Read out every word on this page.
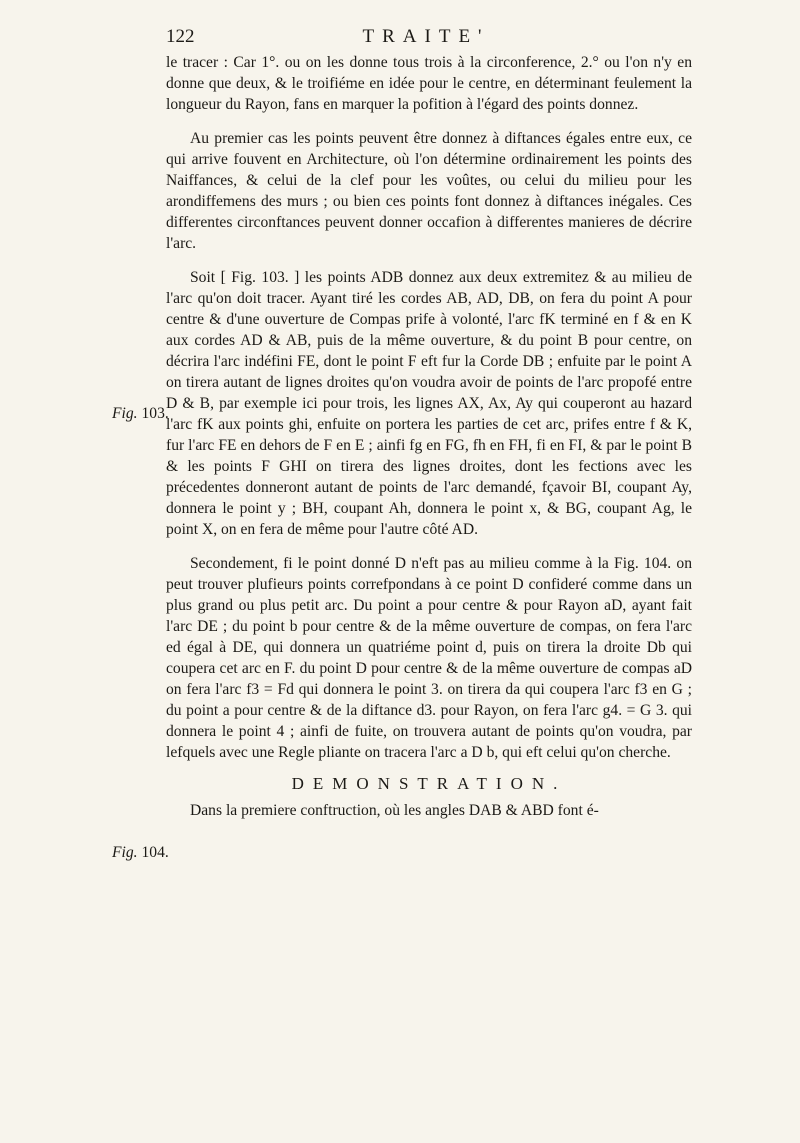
122	TRAITE'
Fig. 103.
Fig. 104.

le tracer : Car 1°. ou on les donne tous trois à la circonference, 2.° ou l'on n'y en donne que deux, & le troifiéme en idée pour le centre, en déterminant feulement la longueur du Rayon, fans en marquer la pofition à l'égard des points donnez.

Au premier cas les points peuvent être donnez à diftances égales entre eux, ce qui arrive fouvent en Architecture, où l'on détermine ordinairement les points des Naiffances, & celui de la clef pour les voûtes, ou celui du milieu pour les arondiffemens des murs ; ou bien ces points font donnez à diftances inégales. Ces differentes circonftances peuvent donner occafion à differentes manieres de décrire l'arc.

Soit [ Fig. 103. ] les points ADB donnez aux deux extremitez & au milieu de l'arc qu'on doit tracer. Ayant tiré les cordes AB, AD, DB, on fera du point A pour centre & d'une ouverture de Compas prife à volonté, l'arc fK terminé en f & en K aux cordes AD & AB, puis de la même ouverture, & du point B pour centre, on décrira l'arc indéfini FE, dont le point F eft fur la Corde DB ; enfuite par le point A on tirera autant de lignes droites qu'on voudra avoir de points de l'arc propofé entre D & B, par exemple ici pour trois, les lignes AX, Ax, Ay qui couperont au hazard l'arc fK aux points ghi, enfuite on portera les parties de cet arc, prifes entre f & K, fur l'arc FE en dehors de F en E ; ainfi fg en FG, fh en FH, fi en FI, & par le point B & les points F GHI on tirera des lignes droites, dont les fections avec les précedentes donneront autant de points de l'arc demandé, fçavoir BI, coupant Ay, donnera le point y ; BH, coupant Ah, donnera le point x, & BG, coupant Ag, le point X, on en fera de même pour l'autre côté AD.

Secondement, fi le point donné D n'eft pas au milieu comme à la Fig. 104. on peut trouver plufieurs points correfpondans à ce point D confideré comme dans un plus grand ou plus petit arc. Du point a pour centre & pour Rayon aD, ayant fait l'arc DE ; du point b pour centre & de la même ouverture de compas, on fera l'arc ed égal à DE, qui donnera un quatriéme point d, puis on tirera la droite Db qui coupera cet arc en F. du point D pour centre & de la même ouverture de compas aD on fera l'arc f3 = Fd qui donnera le point 3. on tirera da qui coupera l'arc f3 en G ; du point a pour centre & de la diftance d3. pour Rayon, on fera l'arc g4. = G 3. qui donnera le point 4 ; ainfi de fuite, on trouvera autant de points qu'on voudra, par lefquels avec une Regle pliante on tracera l'arc a D b, qui eft celui qu'on cherche.

DEMONSTRATION.

Dans la premiere conftruction, où les angles DAB & ABD font é-
